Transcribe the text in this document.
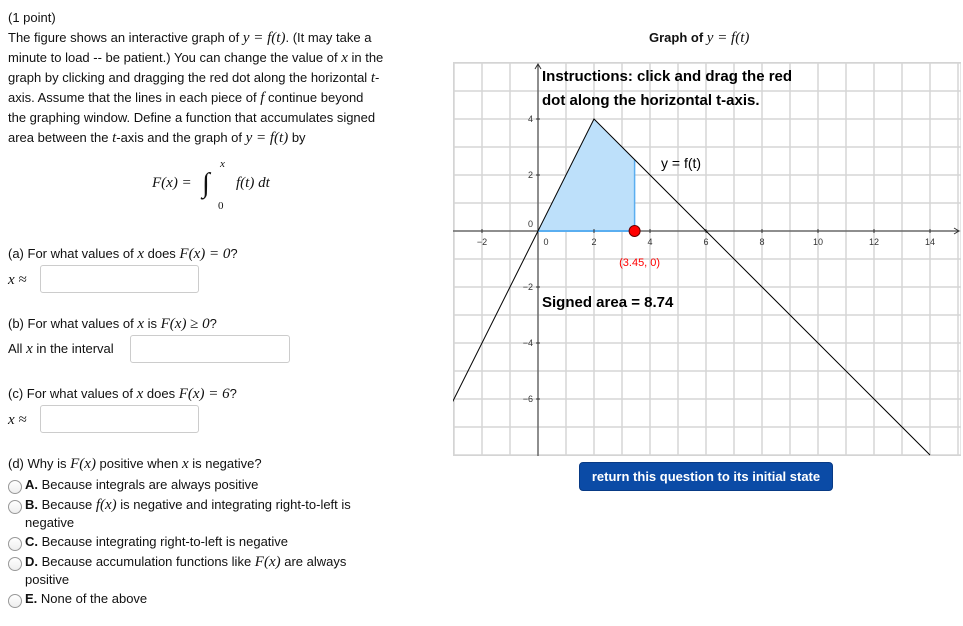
(1 point)
The figure shows an interactive graph of y = f(t). (It may take a
minute to load -- be patient.) You can change the value of x in the
graph by clicking and dragging the red dot along the horizontal t-
axis. Assume that the lines in each piece of f continue beyond
the graphing window. Define a function that accumulates signed
area between the t-axis and the graph of y = f(t) by
F(x) = ∫
x
0
f(t) dt
(a) For what values of x does F(x) = 0?
x ≈
(b) For what values of x is F(x) ≥ 0?
All x in the interval
(c) For what values of x does F(x) = 6?
x ≈
(d) Why is F(x) positive when x is negative?
A. Because integrals are always positive
B. Because f(x) is negative and integrating right-to-left is
negative
C. Because integrating right-to-left is negative
D. Because accumulation functions like F(x) are always
positive
E. None of the above
Graph of y = f(t)
−2	0	2	4	6	8	10	12	14
−6
−4
−2
0
2
4
Instructions: click and drag the red
dot along the horizontal t-axis.
y = f(t)
(3.45, 0)
Signed area = 8.74
return this question to its initial state
